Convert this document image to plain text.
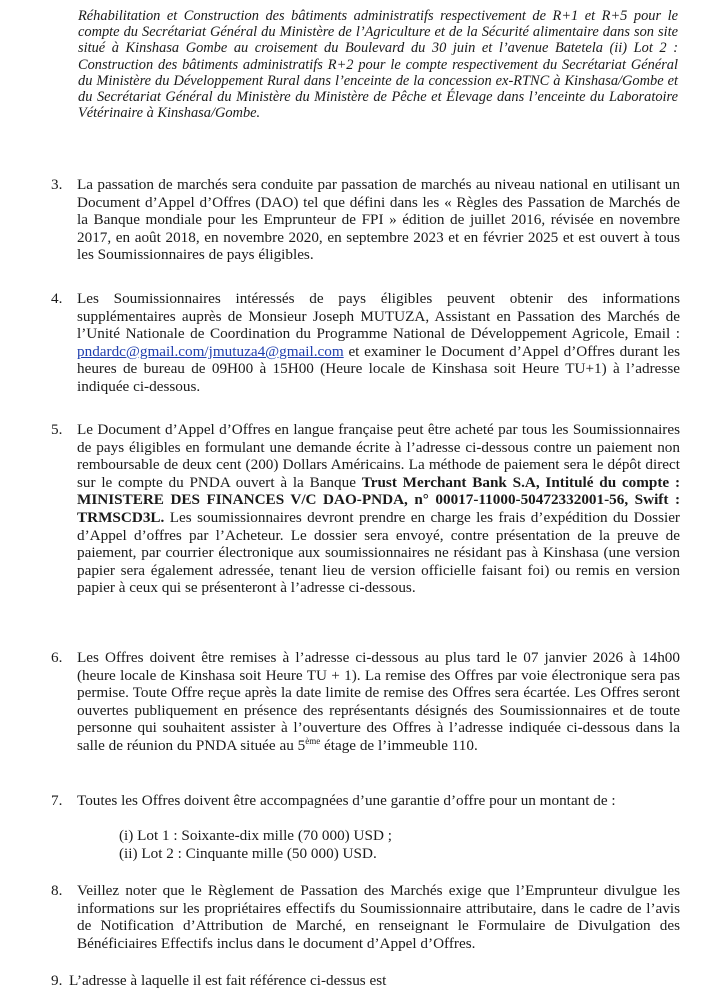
Réhabilitation et Construction des bâtiments administratifs respectivement de R+1 et R+5 pour le compte du Secrétariat Général du Ministère de l’Agriculture et de la Sécurité alimentaire dans son site situé à Kinshasa Gombe au croisement du Boulevard du 30 juin et l’avenue Batetela (ii) Lot 2 : Construction des bâtiments administratifs R+2 pour le compte respectivement du Secrétariat Général du Ministère du Développement Rural dans l’enceinte de la concession ex-RTNC à Kinshasa/Gombe et du Secrétariat Général du Ministère du Ministère de Pêche et Élevage dans l’enceinte du Laboratoire Vétérinaire à Kinshasa/Gombe.
3. La passation de marchés sera conduite par passation de marchés au niveau national en utilisant un Document d’Appel d’Offres (DAO) tel que défini dans les « Règles des Passation de Marchés de la Banque mondiale pour les Emprunteur de FPI » édition de juillet 2016, révisée en novembre 2017, en août 2018, en novembre 2020, en septembre 2023 et en février 2025 et est ouvert à tous les Soumissionnaires de pays éligibles.
4. Les Soumissionnaires intéressés de pays éligibles peuvent obtenir des informations supplémentaires auprès de Monsieur Joseph MUTUZA, Assistant en Passation des Marchés de l’Unité Nationale de Coordination du Programme National de Développement Agricole, Email : pndardc@gmail.com/jmutuza4@gmail.com et examiner le Document d’Appel d’Offres durant les heures de bureau de 09H00 à 15H00 (Heure locale de Kinshasa soit Heure TU+1) à l’adresse indiquée ci-dessous.
5. Le Document d’Appel d’Offres en langue française peut être acheté par tous les Soumissionnaires de pays éligibles en formulant une demande écrite à l’adresse ci-dessous contre un paiement non remboursable de deux cent (200) Dollars Américains. La méthode de paiement sera le dépôt direct sur le compte du PNDA ouvert à la Banque Trust Merchant Bank S.A, Intitulé du compte : MINISTERE DES FINANCES V/C DAO-PNDA, n° 00017-11000-50472332001-56, Swift : TRMSCD3L. Les soumissionnaires devront prendre en charge les frais d’expédition du Dossier d’Appel d’offres par l’Acheteur. Le dossier sera envoyé, contre présentation de la preuve de paiement, par courrier électronique aux soumissionnaires ne résidant pas à Kinshasa (une version papier sera également adressée, tenant lieu de version officielle faisant foi) ou remis en version papier à ceux qui se présenteront à l’adresse ci-dessous.
6. Les Offres doivent être remises à l’adresse ci-dessous au plus tard le 07 janvier 2026 à 14h00 (heure locale de Kinshasa soit Heure TU + 1). La remise des Offres par voie électronique sera pas permise. Toute Offre reçue après la date limite de remise des Offres sera écartée. Les Offres seront ouvertes publiquement en présence des représentants désignés des Soumissionnaires et de toute personne qui souhaitent assister à l’ouverture des Offres à l’adresse indiquée ci-dessous dans la salle de réunion du PNDA située au 5ème étage de l’immeuble 110.
7. Toutes les Offres doivent être accompagnées d’une garantie d’offre pour un montant de :
(i) Lot 1 : Soixante-dix mille (70 000) USD ;
(ii) Lot 2 : Cinquante mille (50 000) USD.
8. Veillez noter que le Règlement de Passation des Marchés exige que l’Emprunteur divulgue les informations sur les propriétaires effectifs du Soumissionnaire attributaire, dans le cadre de l’avis de Notification d’Attribution de Marché, en renseignant le Formulaire de Divulgation des Bénéficiaires Effectifs inclus dans le document d’Appel d’Offres.
9. L’adresse à laquelle il est fait référence ci-dessus est
